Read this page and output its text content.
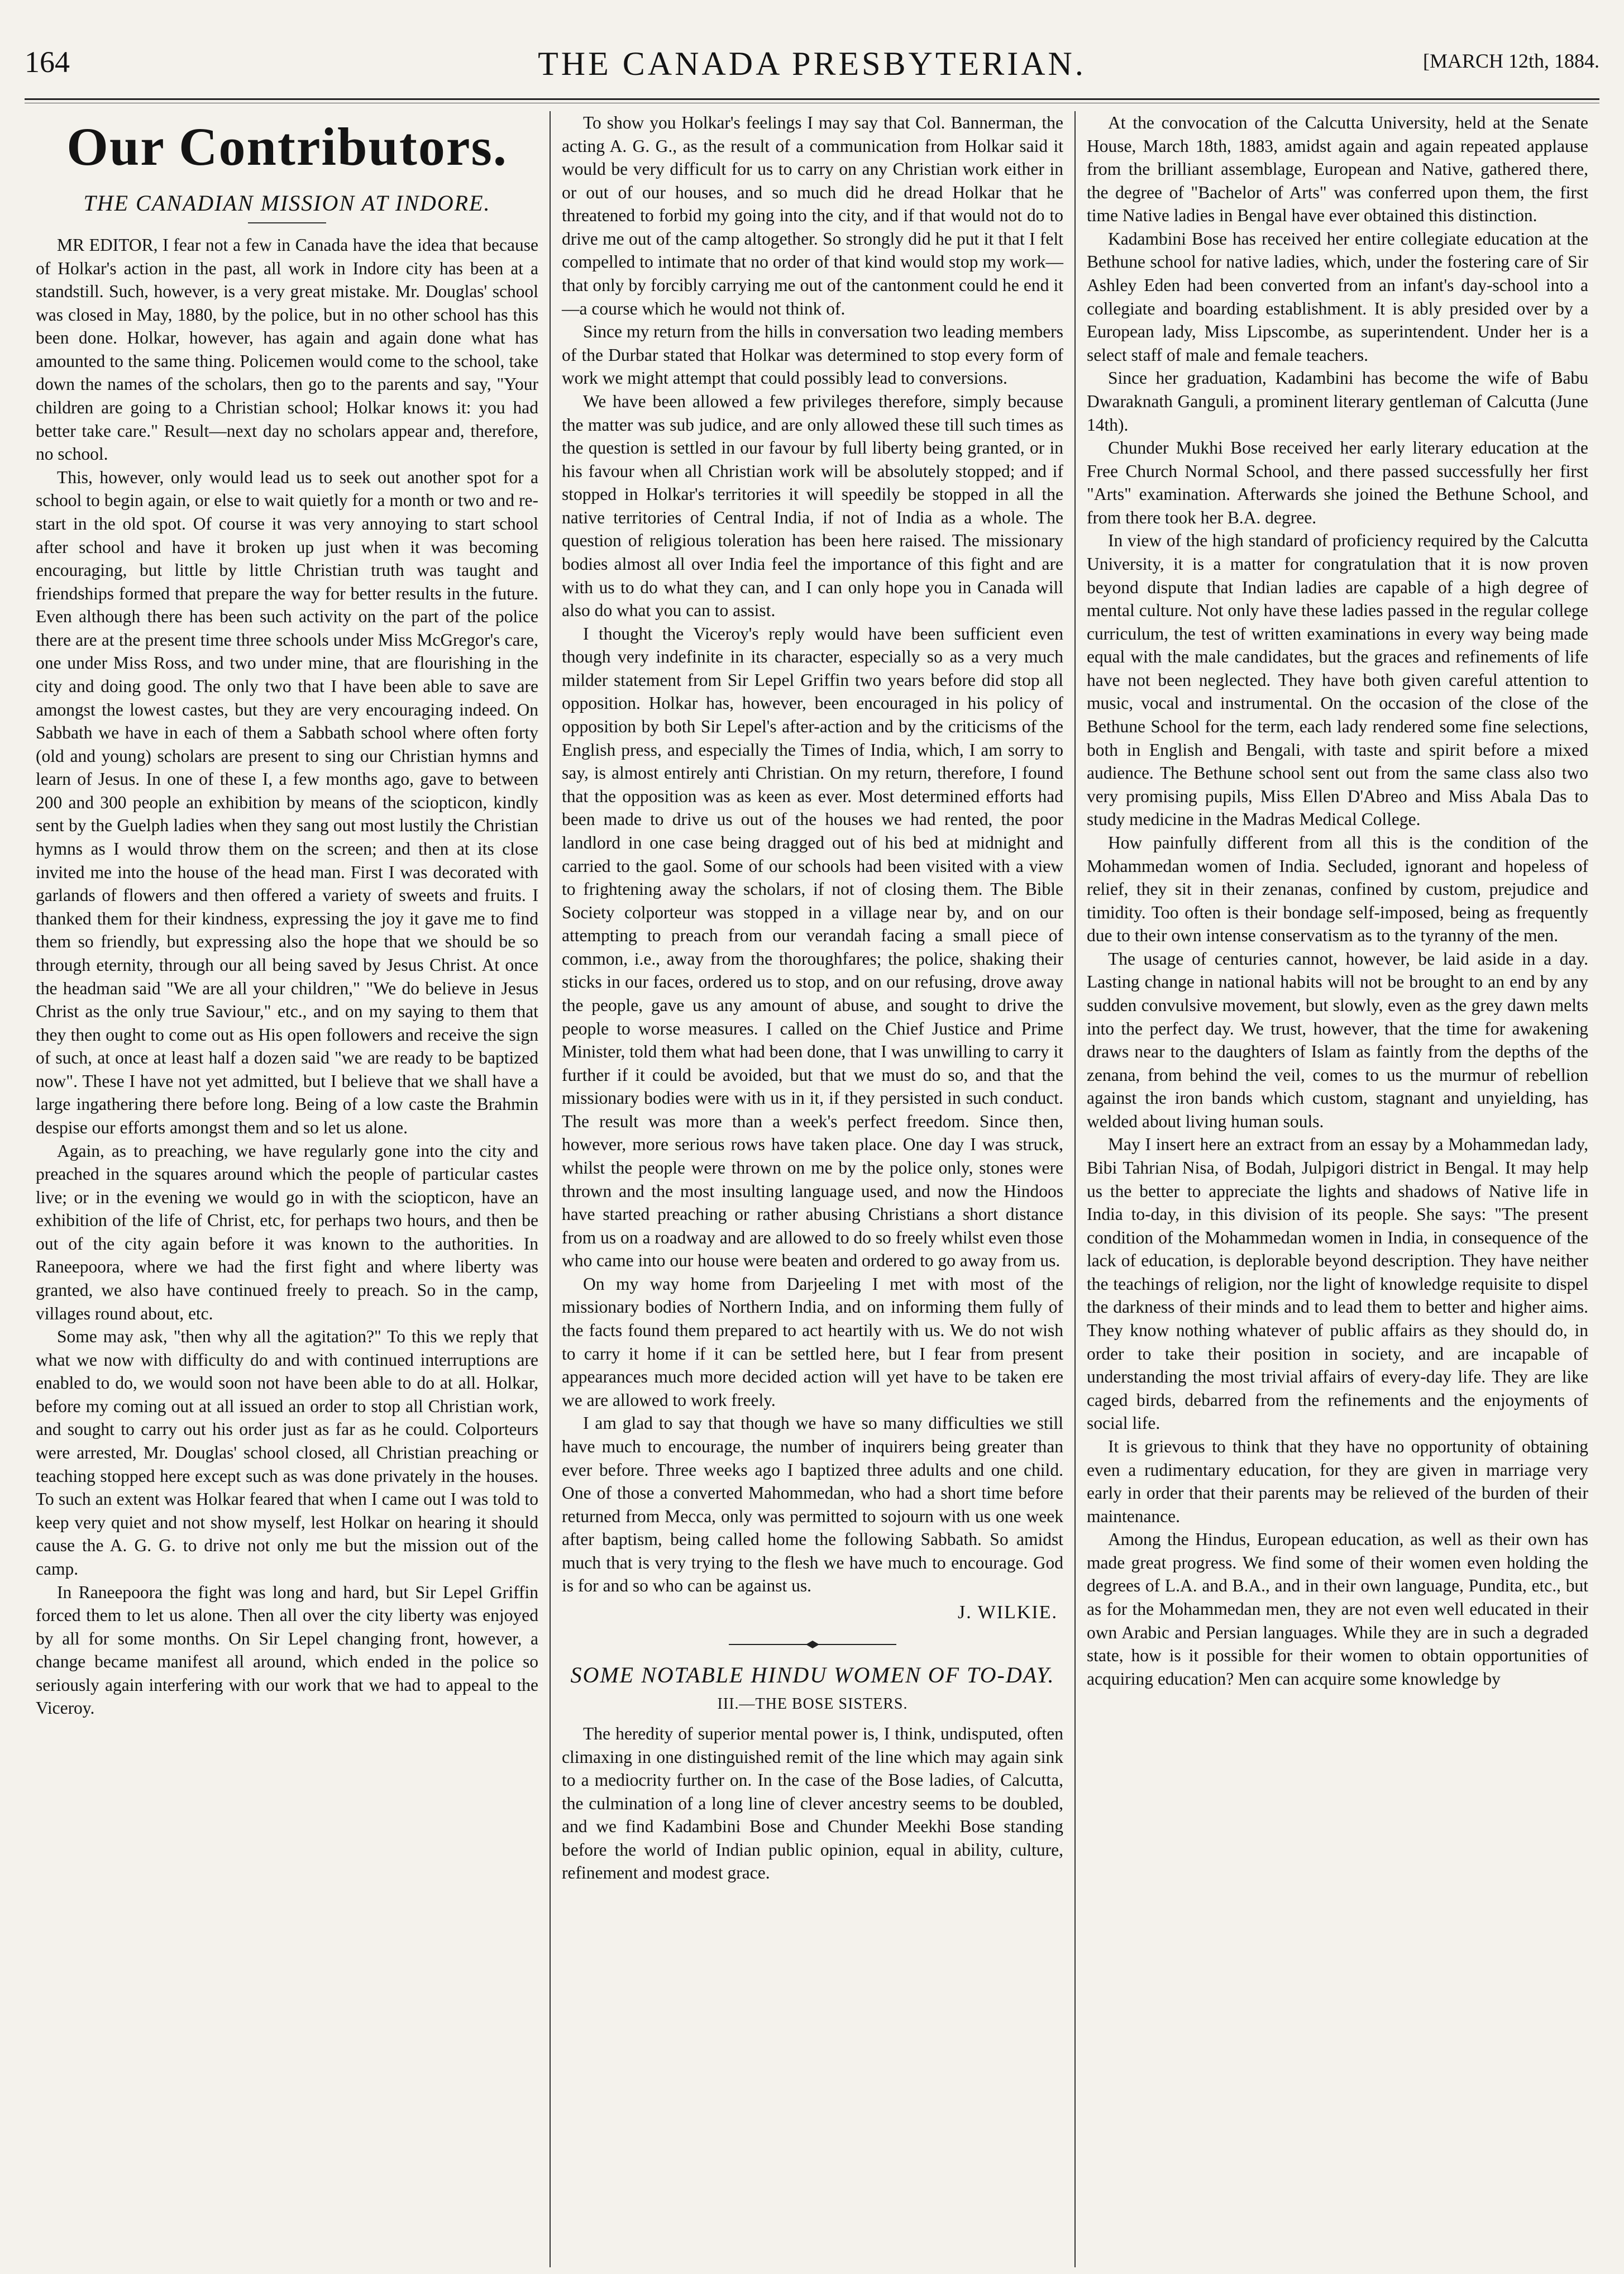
164	THE CANADA PRESBYTERIAN.	[MARCH 12th, 1884.
Our Contributors.
THE CANADIAN MISSION AT INDORE.

MR EDITOR, I fear not a few in Canada have the idea that because of Holkar's action in the past, all work in Indore city has been at a standstill. Such, however, is a very great mistake. Mr. Douglas' school was closed in May, 1880, by the police, but in no other school has this been done. Holkar, however, has again and again done what has amounted to the same thing. Policemen would come to the school, take down the names of the scholars, then go to the parents and say, "Your children are going to a Christian school; Holkar knows it: you had better take care." Result—next day no scholars appear and, therefore, no school.

This, however, only would lead us to seek out another spot for a school to begin again, or else to wait quietly for a month or two and re-start in the old spot. Of course it was very annoying to start school after school and have it broken up just when it was becoming encouraging, but little by little Christian truth was taught and friendships formed that prepare the way for better results in the future. Even although there has been such activity on the part of the police there are at the present time three schools under Miss McGregor's care, one under Miss Ross, and two under mine, that are flourishing in the city and doing good. The only two that I have been able to save are amongst the lowest castes, but they are very encouraging indeed. On Sabbath we have in each of them a Sabbath school where often forty (old and young) scholars are present to sing our Christian hymns and learn of Jesus. In one of these I, a few months ago, gave to between 200 and 300 people an exhibition by means of the sciopticon, kindly sent by the Guelph ladies when they sang out most lustily the Christian hymns as I would throw them on the screen; and then at its close invited me into the house of the head man. First I was decorated with garlands of flowers and then offered a variety of sweets and fruits. I thanked them for their kindness, expressing the joy it gave me to find them so friendly, but expressing also the hope that we should be so through eternity, through our all being saved by Jesus Christ. At once the headman said "We are all your children," "We do believe in Jesus Christ as the only true Saviour," etc., and on my saying to them that they then ought to come out as His open followers and receive the sign of such, at once at least half a dozen said "we are ready to be baptized now". These I have not yet admitted, but I believe that we shall have a large ingathering there before long. Being of a low caste the Brahmin despise our efforts amongst them and so let us alone.

Again, as to preaching, we have regularly gone into the city and preached in the squares around which the people of particular castes live; or in the evening we would go in with the sciopticon, have an exhibition of the life of Christ, etc, for perhaps two hours, and then be out of the city again before it was known to the authorities. In Raneepoora, where we had the first fight and where liberty was granted, we also have continued freely to preach. So in the camp, villages round about, etc.

Some may ask, "then why all the agitation?" To this we reply that what we now with difficulty do and with continued interruptions are enabled to do, we would soon not have been able to do at all. Holkar, before my coming out at all issued an order to stop all Christian work, and sought to carry out his order just as far as he could. Colporteurs were arrested, Mr. Douglas' school closed, all Christian preaching or teaching stopped here except such as was done privately in the houses. To such an extent was Holkar feared that when I came out I was told to keep very quiet and not show myself, lest Holkar on hearing it should cause the A. G. G. to drive not only me but the mission out of the camp.

In Raneepoora the fight was long and hard, but Sir Lepel Griffin forced them to let us alone. Then all over the city liberty was enjoyed by all for some months. On Sir Lepel changing front, however, a change became manifest all around, which ended in the police so seriously again interfering with our work that we had to appeal to the Viceroy.

To show you Holkar's feelings I may say that Col. Bannerman, the acting A. G. G., as the result of a communication from Holkar said it would be very difficult for us to carry on any Christian work either in or out of our houses, and so much did he dread Holkar that he threatened to forbid my going into the city, and if that would not do to drive me out of the camp altogether. So strongly did he put it that I felt compelled to intimate that no order of that kind would stop my work—that only by forcibly carrying me out of the cantonment could he end it—a course which he would not think of.

Since my return from the hills in conversation two leading members of the Durbar stated that Holkar was determined to stop every form of work we might attempt that could possibly lead to conversions.

We have been allowed a few privileges therefore, simply because the matter was sub judice, and are only allowed these till such times as the question is settled in our favour by full liberty being granted, or in his favour when all Christian work will be absolutely stopped; and if stopped in Holkar's territories it will speedily be stopped in all the native territories of Central India, if not of India as a whole. The question of religious toleration has been here raised. The missionary bodies almost all over India feel the importance of this fight and are with us to do what they can, and I can only hope you in Canada will also do what you can to assist.

I thought the Viceroy's reply would have been sufficient even though very indefinite in its character, especially so as a very much milder statement from Sir Lepel Griffin two years before did stop all opposition. Holkar has, however, been encouraged in his policy of opposition by both Sir Lepel's after-action and by the criticisms of the English press, and especially the Times of India, which, I am sorry to say, is almost entirely anti Christian. On my return, therefore, I found that the opposition was as keen as ever. Most determined efforts had been made to drive us out of the houses we had rented, the poor landlord in one case being dragged out of his bed at midnight and carried to the gaol. Some of our schools had been visited with a view to frightening away the scholars, if not of closing them. The Bible Society colporteur was stopped in a village near by, and on our attempting to preach from our verandah facing a small piece of common, i.e., away from the thoroughfares; the police, shaking their sticks in our faces, ordered us to stop, and on our refusing, drove away the people, gave us any amount of abuse, and sought to drive the people to worse measures. I called on the Chief Justice and Prime Minister, told them what had been done, that I was unwilling to carry it further if it could be avoided, but that we must do so, and that the missionary bodies were with us in it, if they persisted in such conduct. The result was more than a week's perfect freedom. Since then, however, more serious rows have taken place. One day I was struck, whilst the people were thrown on me by the police only, stones were thrown and the most insulting language used, and now the Hindoos have started preaching or rather abusing Christians a short distance from us on a roadway and are allowed to do so freely whilst even those who came into our house were beaten and ordered to go away from us.

On my way home from Darjeeling I met with most of the missionary bodies of Northern India, and on informing them fully of the facts found them prepared to act heartily with us. We do not wish to carry it home if it can be settled here, but I fear from present appearances much more decided action will yet have to be taken ere we are allowed to work freely.

I am glad to say that though we have so many difficulties we still have much to encourage, the number of inquirers being greater than ever before. Three weeks ago I baptized three adults and one child. One of those a converted Mahommedan, who had a short time before returned from Mecca, only was permitted to sojourn with us one week after baptism, being called home the following Sabbath. So amidst much that is very trying to the flesh we have much to encourage. God is for and so who can be against us.

J. WILKIE.
SOME NOTABLE HINDU WOMEN OF TO-DAY.
III.—THE BOSE SISTERS.

The heredity of superior mental power is, I think, undisputed, often climaxing in one distinguished remit of the line which may again sink to a mediocrity further on. In the case of the Bose ladies, of Calcutta, the culmination of a long line of clever ancestry seems to be doubled, and we find Kadambini Bose and Chunder Meekhi Bose standing before the world of Indian public opinion, equal in ability, culture, refinement and modest grace.

At the convocation of the Calcutta University, held at the Senate House, March 18th, 1883, amidst again and again repeated applause from the brilliant assemblage, European and Native, gathered there, the degree of "Bachelor of Arts" was conferred upon them, the first time Native ladies in Bengal have ever obtained this distinction.

Kadambini Bose has received her entire collegiate education at the Bethune school for native ladies, which, under the fostering care of Sir Ashley Eden had been converted from an infant's day-school into a collegiate and boarding establishment. It is ably presided over by a European lady, Miss Lipscombe, as superintendent. Under her is a select staff of male and female teachers.

Since her graduation, Kadambini has become the wife of Babu Dwaraknath Ganguli, a prominent literary gentleman of Calcutta (June 14th).

Chunder Mukhi Bose received her early literary education at the Free Church Normal School, and there passed successfully her first "Arts" examination. Afterwards she joined the Bethune School, and from there took her B.A. degree.

In view of the high standard of proficiency required by the Calcutta University, it is a matter for congratulation that it is now proven beyond dispute that Indian ladies are capable of a high degree of mental culture. Not only have these ladies passed in the regular college curriculum, the test of written examinations in every way being made equal with the male candidates, but the graces and refinements of life have not been neglected. They have both given careful attention to music, vocal and instrumental. On the occasion of the close of the Bethune School for the term, each lady rendered some fine selections, both in English and Bengali, with taste and spirit before a mixed audience. The Bethune school sent out from the same class also two very promising pupils, Miss Ellen D'Abreo and Miss Abala Das to study medicine in the Madras Medical College.

How painfully different from all this is the condition of the Mohammedan women of India. Secluded, ignorant and hopeless of relief, they sit in their zenanas, confined by custom, prejudice and timidity. Too often is their bondage self-imposed, being as frequently due to their own intense conservatism as to the tyranny of the men.

The usage of centuries cannot, however, be laid aside in a day. Lasting change in national habits will not be brought to an end by any sudden convulsive movement, but slowly, even as the grey dawn melts into the perfect day. We trust, however, that the time for awakening draws near to the daughters of Islam as faintly from the depths of the zenana, from behind the veil, comes to us the murmur of rebellion against the iron bands which custom, stagnant and unyielding, has welded about living human souls.

May I insert here an extract from an essay by a Mohammedan lady, Bibi Tahrian Nisa, of Bodah, Julpigori district in Bengal. It may help us the better to appreciate the lights and shadows of Native life in India to-day, in this division of its people. She says: "The present condition of the Mohammedan women in India, in consequence of the lack of education, is deplorable beyond description. They have neither the teachings of religion, nor the light of knowledge requisite to dispel the darkness of their minds and to lead them to better and higher aims. They know nothing whatever of public affairs as they should do, in order to take their position in society, and are incapable of understanding the most trivial affairs of every-day life. They are like caged birds, debarred from the refinements and the enjoyments of social life.

It is grievous to think that they have no opportunity of obtaining even a rudimentary education, for they are given in marriage very early in order that their parents may be relieved of the burden of their maintenance.

Among the Hindus, European education, as well as their own has made great progress. We find some of their women even holding the degrees of L.A. and B.A., and in their own language, Pundita, etc., but as for the Mohammedan men, they are not even well educated in their own Arabic and Persian languages. While they are in such a degraded state, how is it possible for their women to obtain opportunities of acquiring education? Men can acquire some knowledge by
